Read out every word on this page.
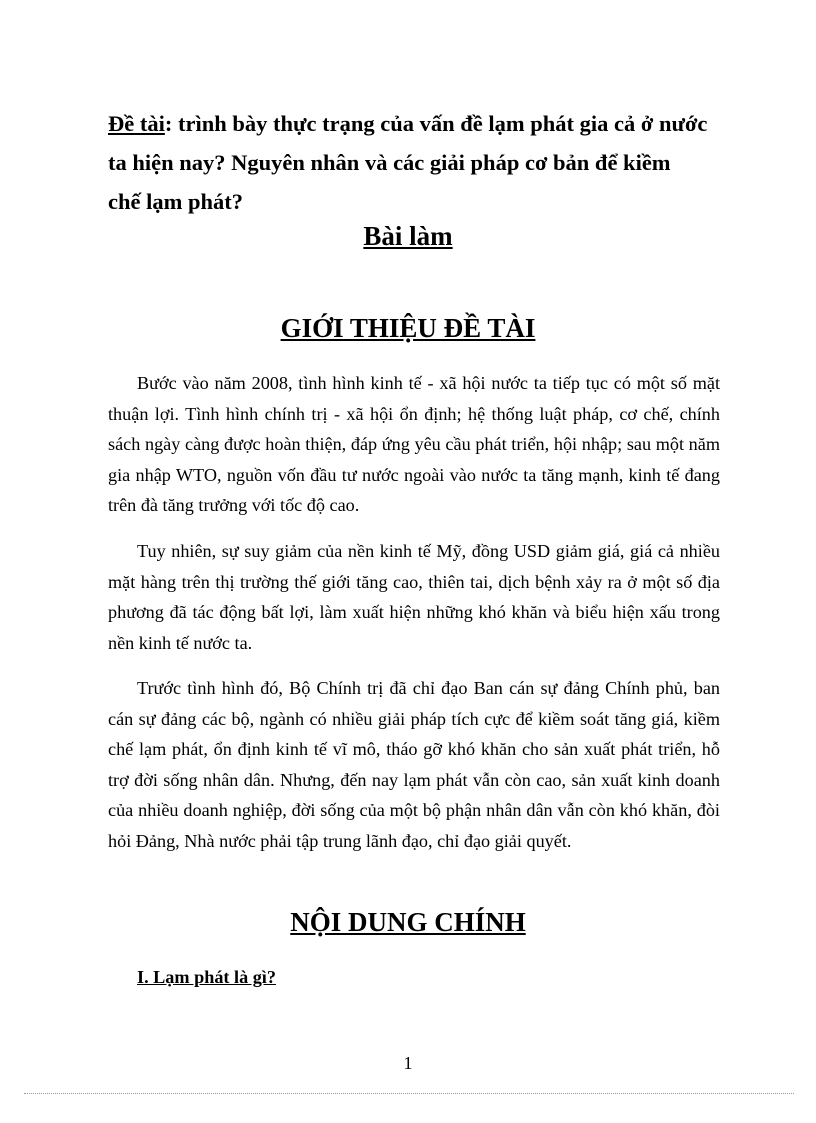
Đề tài: trình bày thực trạng của vấn đề lạm phát gia cả ở nước ta hiện nay? Nguyên nhân và các giải pháp cơ bản để kiềm chế lạm phát?
Bài làm
GIỚI THIỆU ĐỀ TÀI

Bước vào năm 2008, tình hình kinh tế - xã hội nước ta tiếp tục có một số mặt thuận lợi. Tình hình chính trị - xã hội ổn định; hệ thống luật pháp, cơ chế, chính sách ngày càng được hoàn thiện, đáp ứng yêu cầu phát triển, hội nhập; sau một năm gia nhập WTO, nguồn vốn đầu tư nước ngoài vào nước ta tăng mạnh, kinh tế đang trên đà tăng trưởng với tốc độ cao.

Tuy nhiên, sự suy giảm của nền kinh tế Mỹ, đồng USD giảm giá, giá cả nhiều mặt hàng trên thị trường thế giới tăng cao, thiên tai, dịch bệnh xảy ra ở một số địa phương đã tác động bất lợi, làm xuất hiện những khó khăn và biểu hiện xấu trong nền kinh tế nước ta.

Trước tình hình đó, Bộ Chính trị đã chỉ đạo Ban cán sự đảng Chính phủ, ban cán sự đảng các bộ, ngành có nhiều giải pháp tích cực để kiềm soát tăng giá, kiềm chế lạm phát, ổn định kinh tế vĩ mô, tháo gỡ khó khăn cho sản xuất phát triển, hỗ trợ đời sống nhân dân. Nhưng, đến nay lạm phát vẫn còn cao, sản xuất kinh doanh của nhiều doanh nghiệp, đời sống của một bộ phận nhân dân vẫn còn khó khăn, đòi hỏi Đảng, Nhà nước phải tập trung lãnh đạo, chỉ đạo giải quyết.

NỘI DUNG CHÍNH
I. Lạm phát là gì?
1
